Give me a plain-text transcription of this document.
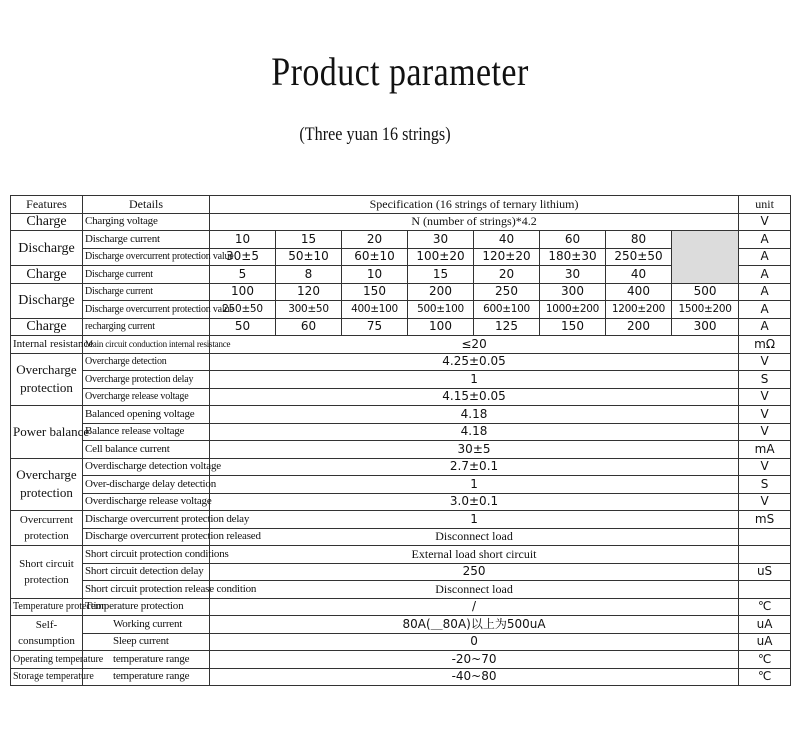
Product parameter
(Three yuan 16 strings)
Features	Details	Specification (16 strings of ternary lithium)								unit
Charge	Charging voltage	N (number of strings)*4.2								V
Discharge	Discharge current	10	15	20	30	40	60	80		A
	Discharge overcurrent protection value	30±5	50±10	60±10	100±20	120±20	180±30	250±50		A
Charge	Discharge current	5	8	10	15	20	30	40		A
Discharge	Discharge current	100	120	150	200	250	300	400	500	A
	Discharge overcurrent protection value	250±50	300±50	400±100	500±100	600±100	1000±200	1200±200	1500±200	A
Charge	recharging current	50	60	75	100	125	150	200	300	A
Internal resistance	Main circuit conduction internal resistance	≤20								mΩ
Overcharge protection	Overcharge detection	4.25±0.05								V
	Overcharge protection delay	1								S
	Overcharge release voltage	4.15±0.05								V
Power balance	Balanced opening voltage	4.18								V
	Balance release voltage	4.18								V
	Cell balance current	30±5								mA
Overcharge protection	Overdischarge detection voltage	2.7±0.1								V
	Over-discharge delay detection	1								S
	Overdischarge release voltage	3.0±0.1								V
Overcurrent protection	Discharge overcurrent protection delay	1								mS
	Discharge overcurrent protection released	Disconnect load								
Short circuit protection	Short circuit protection conditions	External load short circuit								
	Short circuit detection delay	250								uS
	Short circuit protection release condition	Disconnect load								
Temperature protection	Temperature protection	/								℃
Self-consumption	Working current	80A(＿80A)以上为500uA								uA
	Sleep current	0								uA
Operating temperature	temperature range	-20~70								℃
Storage temperature	temperature range	-40~80								℃
